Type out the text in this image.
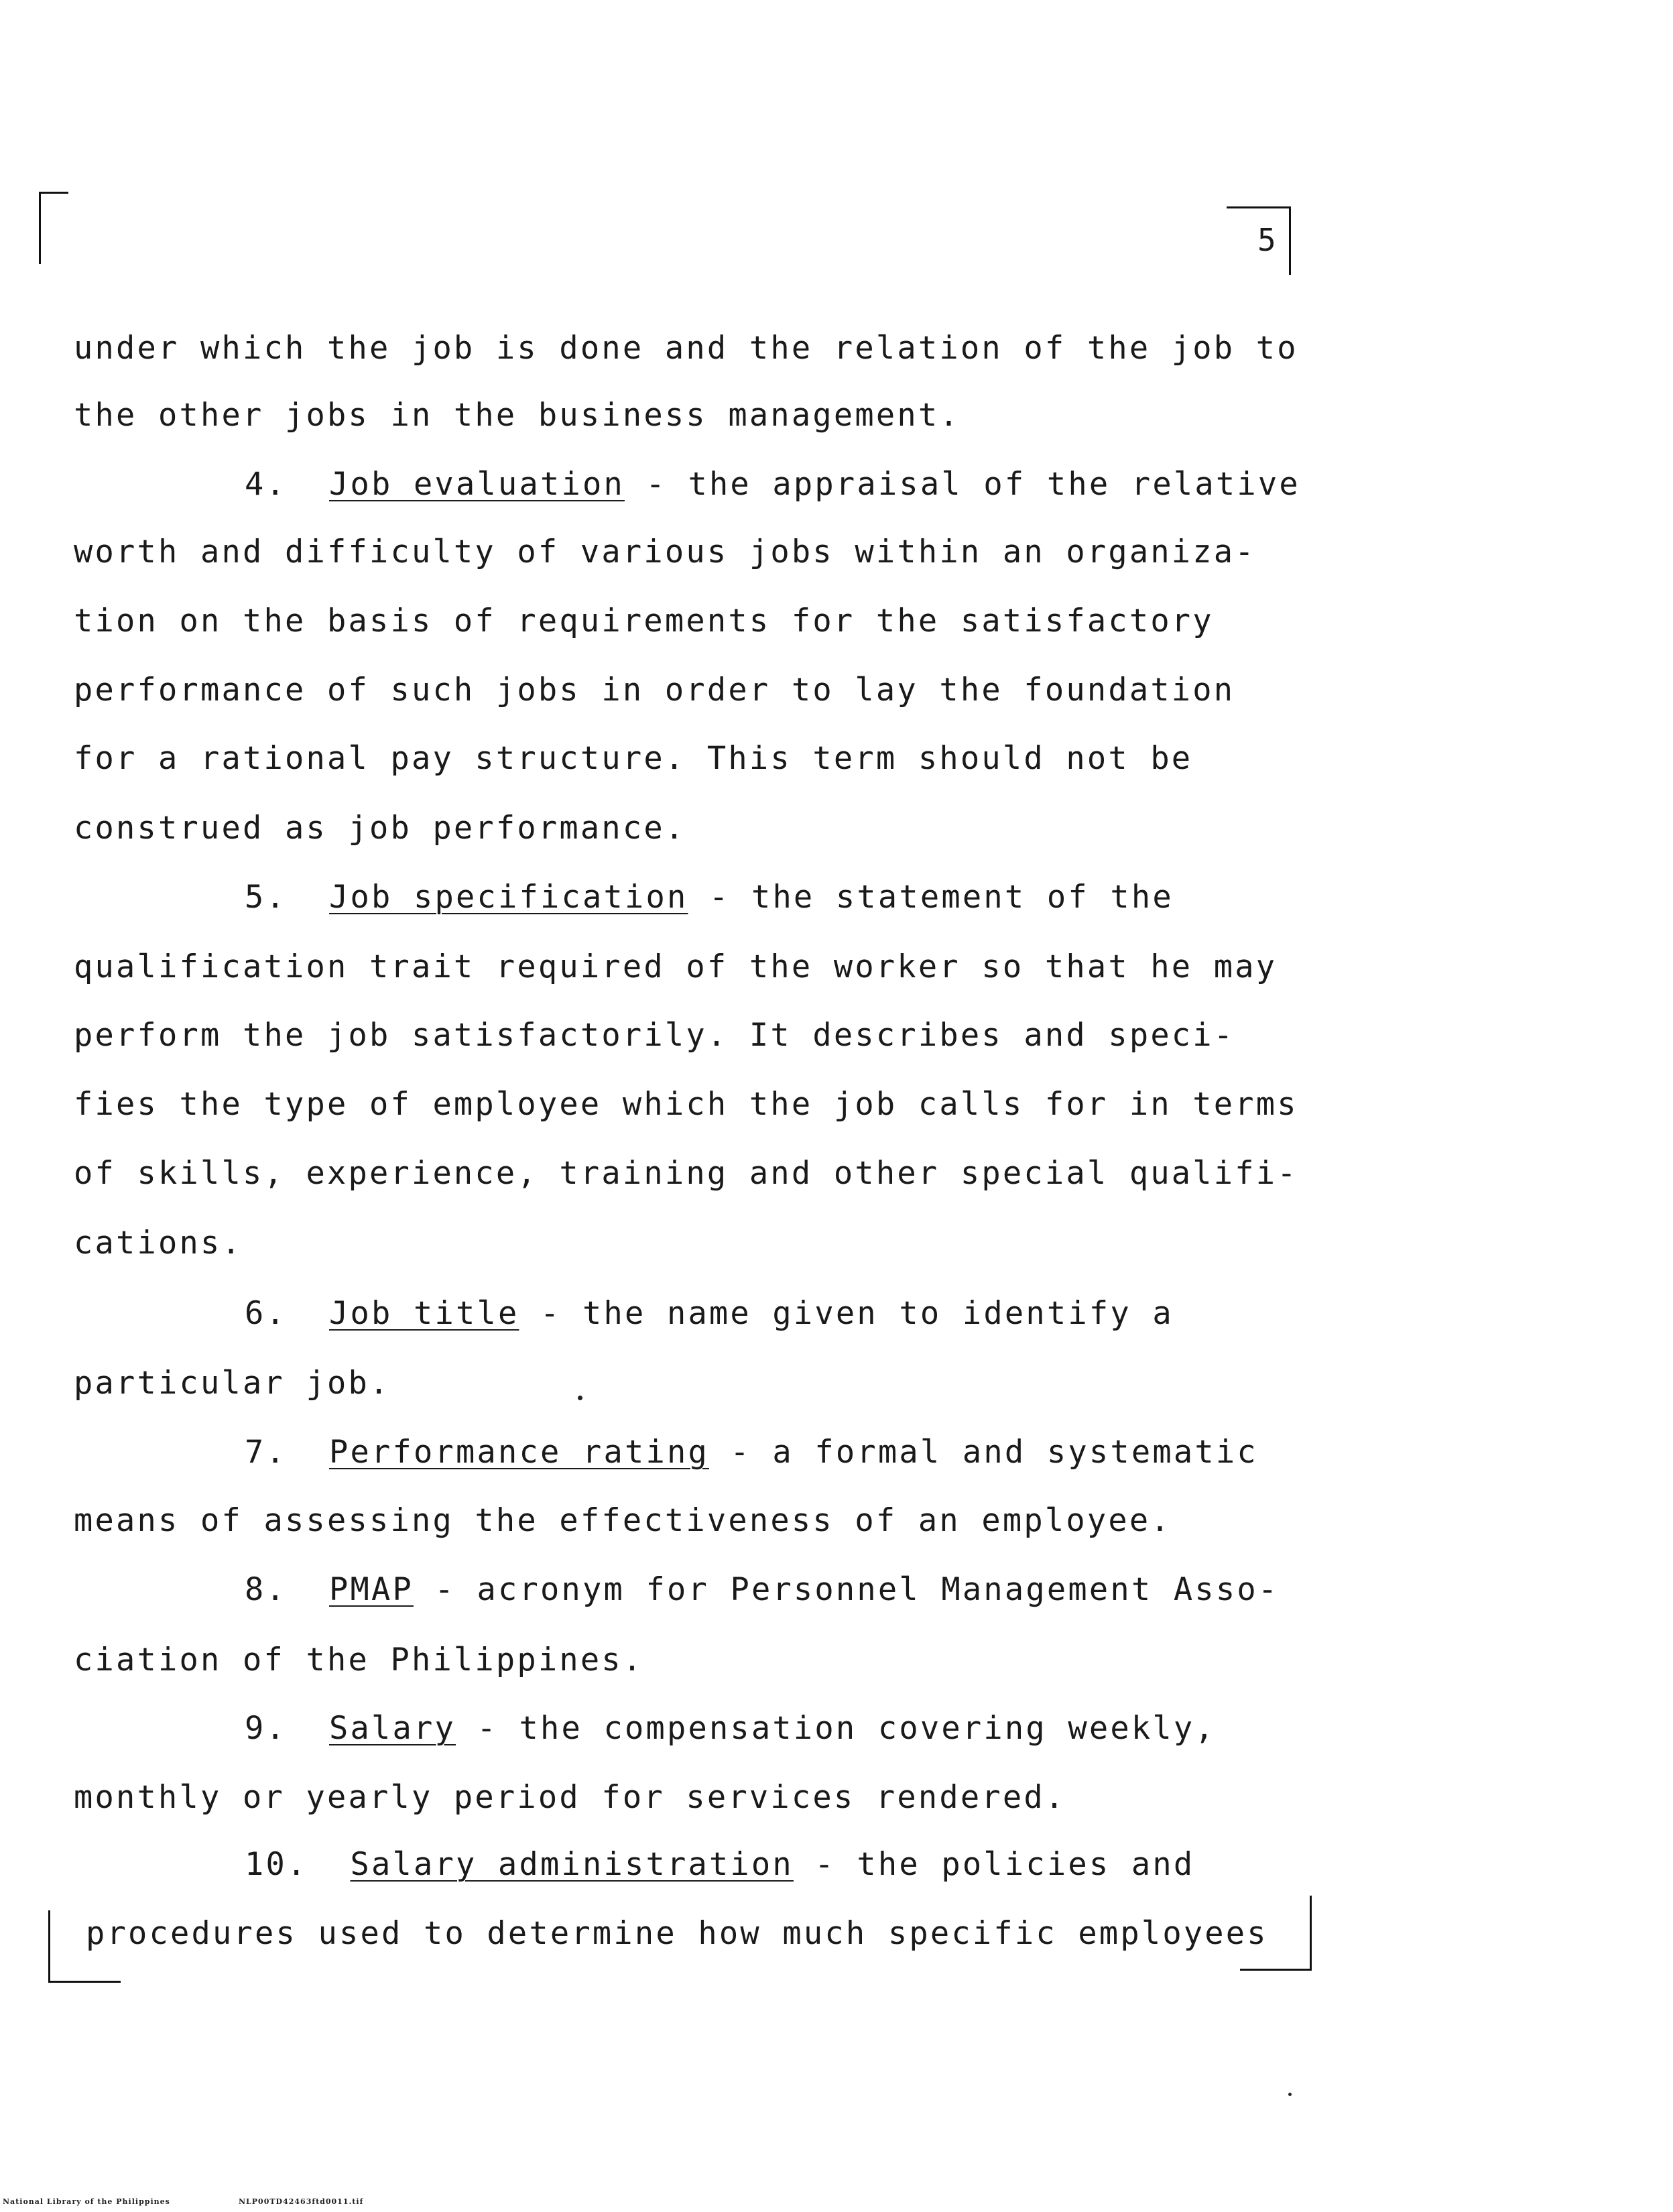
5
under which the job is done and the relation of the job to
the other jobs in the business management.
4. Job evaluation - the appraisal of the relative
worth and difficulty of various jobs within an organiza-
tion on the basis of requirements for the satisfactory
performance of such jobs in order to lay the foundation
for a rational pay structure. This term should not be
construed as job performance.
5. Job specification - the statement of the
qualification trait required of the worker so that he may
perform the job satisfactorily. It describes and speci-
fies the type of employee which the job calls for in terms
of skills, experience, training and other special qualifi-
cations.
6. Job title - the name given to identify a
particular job.
7. Performance rating - a formal and systematic
means of assessing the effectiveness of an employee.
8. PMAP - acronym for Personnel Management Asso-
ciation of the Philippines.
9. Salary - the compensation covering weekly,
monthly or yearly period for services rendered.
10. Salary administration - the policies and
procedures used to determine how much specific employees
National Library of the Philippines	NLP00TD42463ftd0011.tif
